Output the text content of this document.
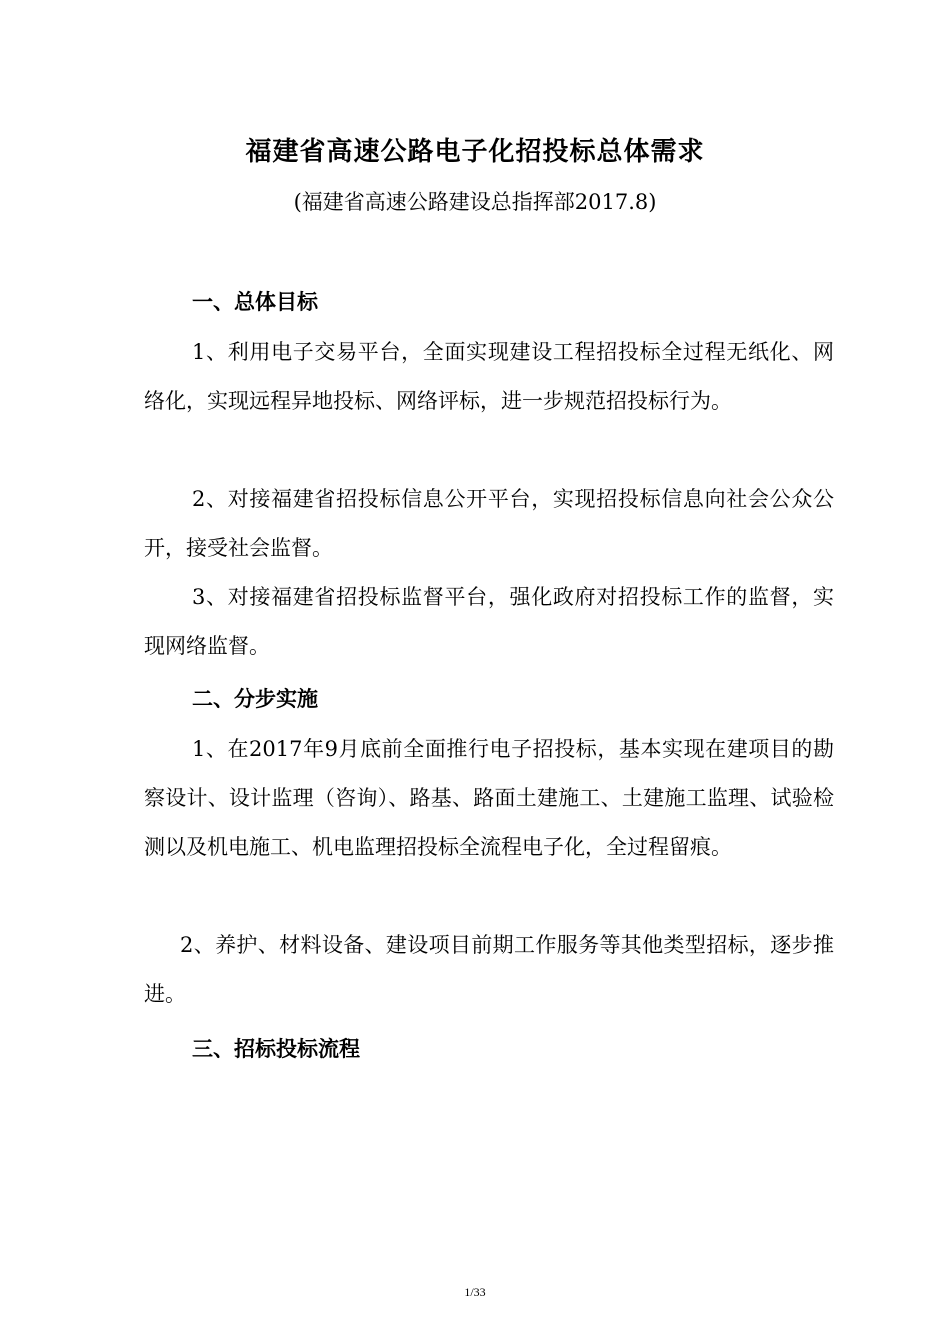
福建省高速公路电子化招投标总体需求
(福建省高速公路建设总指挥部2017.8)
一、总体目标
1、利用电子交易平台，全面实现建设工程招投标全过程无纸化、网络化，实现远程异地投标、网络评标，进一步规范招投标行为。
2、对接福建省招投标信息公开平台，实现招投标信息向社会公众公开，接受社会监督。
3、对接福建省招投标监督平台，强化政府对招投标工作的监督，实现网络监督。
二、分步实施
1、在2017年9月底前全面推行电子招投标，基本实现在建项目的勘察设计、设计监理（咨询）、路基、路面土建施工、土建施工监理、试验检测以及机电施工、机电监理招投标全流程电子化，全过程留痕。
2、养护、材料设备、建设项目前期工作服务等其他类型招标，逐步推进。
三、招标投标流程
1/33
